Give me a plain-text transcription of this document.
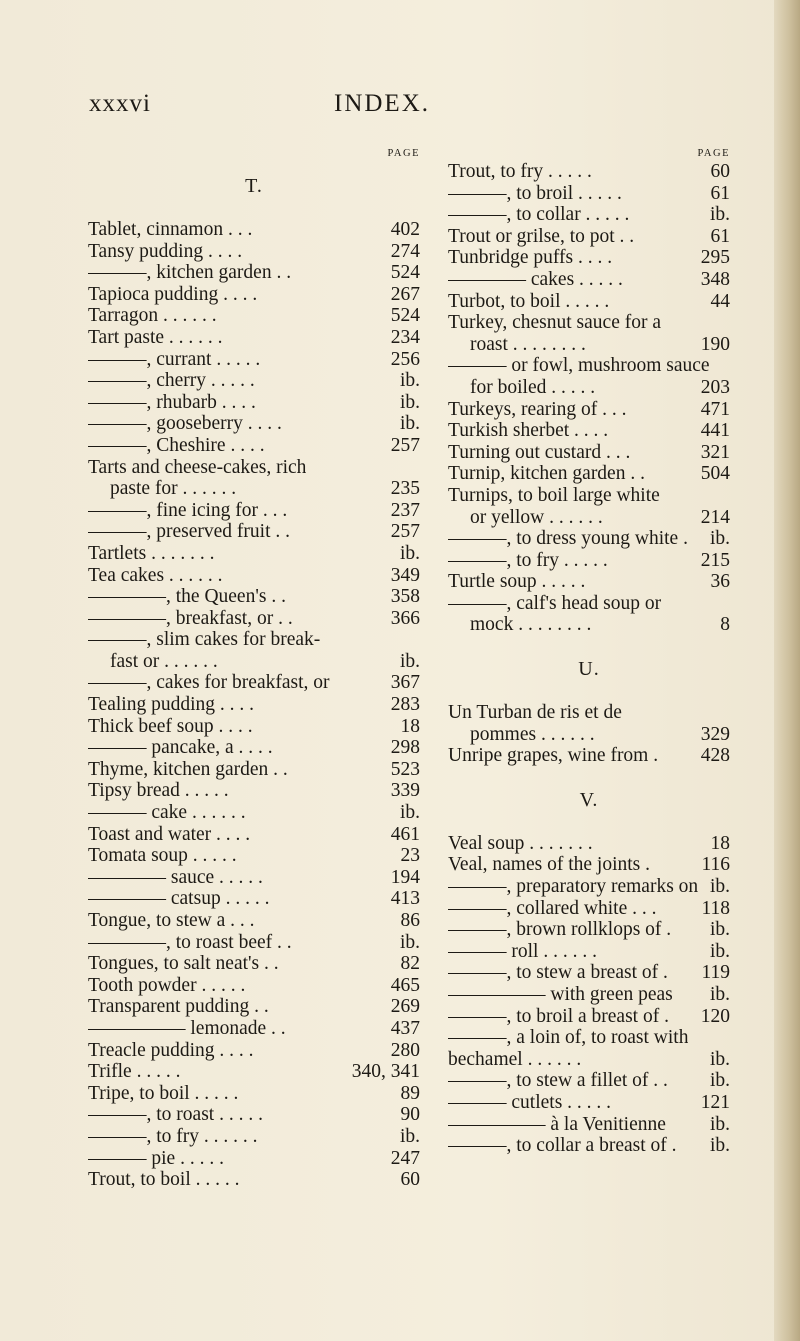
xxxvi	INDEX.
PAGE
T.
Tablet, cinnamon . . .	402
Tansy pudding . . . .	274
———, kitchen garden . .	524
Tapioca pudding . . . .	267
Tarragon . . . . . .	524
Tart paste . . . . . .	234
———, currant . . . . .	256
———, cherry . . . . .	ib.
———, rhubarb . . . .	ib.
———, gooseberry . . . .	ib.
———, Cheshire . . . .	257
Tarts and cheese-cakes, rich
paste for . . . . . .	235
———, fine icing for . . .	237
———, preserved fruit . .	257
Tartlets . . . . . . .	ib.
Tea cakes . . . . . .	349
————, the Queen's . .	358
————, breakfast, or . .	366
———, slim cakes for break-
fast or . . . . . .	ib.
———, cakes for breakfast, or	367
Tealing pudding . . . .	283
Thick beef soup . . . .	18
——— pancake, a . . . .	298
Thyme, kitchen garden . .	523
Tipsy bread . . . . .	339
——— cake . . . . . .	ib.
Toast and water . . . .	461
Tomata soup . . . . .	23
———— sauce . . . . .	194
———— catsup . . . . .	413
Tongue, to stew a . . .	86
————, to roast beef . .	ib.
Tongues, to salt neat's . .	82
Tooth powder . . . . .	465
Transparent pudding . .	269
————— lemonade . .	437
Treacle pudding . . . .	280
Trifle . . . . .	340, 341
Tripe, to boil . . . . .	89
———, to roast . . . . .	90
———, to fry . . . . . .	ib.
——— pie . . . . .	247
Trout, to boil . . . . .	60
PAGE
Trout, to fry . . . . .	60
———, to broil . . . . .	61
———, to collar . . . . .	ib.
Trout or grilse, to pot . .	61
Tunbridge puffs . . . .	295
———— cakes . . . . .	348
Turbot, to boil . . . . .	44
Turkey, chesnut sauce for a
roast . . . . . . . .	190
——— or fowl, mushroom sauce
for boiled . . . . .	203
Turkeys, rearing of . . .	471
Turkish sherbet . . . .	441
Turning out custard . . .	321
Turnip, kitchen garden . .	504
Turnips, to boil large white
or yellow . . . . . .	214
———, to dress young white . ib.
———, to fry . . . . .	215
Turtle soup . . . . .	36
———, calf's head soup or
mock . . . . . . . .	8
U.
Un Turban de ris et de
pommes . . . . . .	329
Unripe grapes, wine from . 428
V.
Veal soup . . . . . . .	18
Veal, names of the joints .	116
———, preparatory remarks on ib.
———, collared white . . . 118
———, brown rollklops of . ib.
——— roll . . . . . .	ib.
———, to stew a breast of . 119
————— with green peas ib.
———, to broil a breast of . 120
———, a loin of, to roast with
bechamel . . . . . .	ib.
———, to stew a fillet of . . ib.
——— cutlets . . . . .	121
————— à la Venitienne ib.
———, to collar a breast of . ib.
